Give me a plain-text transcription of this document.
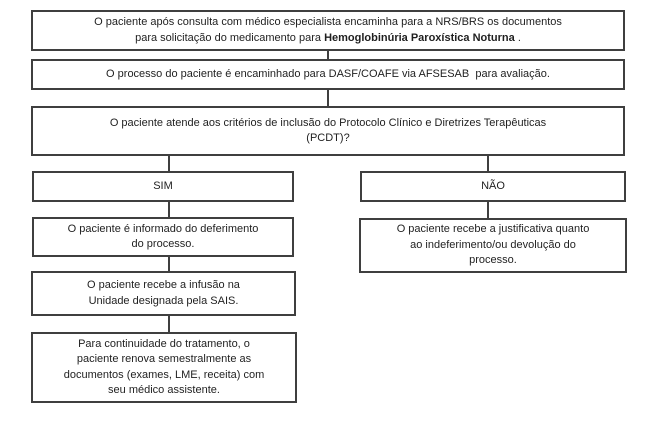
O paciente após consulta com médico especialista encaminha para a NRS/BRS os documentos
para solicitação do medicamento para Hemoglobinúria Paroxística Noturna .
O processo do paciente é encaminhado para DASF/COAFE via AFSESAB  para avaliação.
O paciente atende aos critérios de inclusão do Protocolo Clínico e Diretrizes Terapêuticas
(PCDT)?
SIM	NÃO
O paciente é informado do deferimento
do processo.
O paciente recebe a infusão na
Unidade designada pela SAIS.
Para continuidade do tratamento, o
paciente renova semestralmente as
documentos (exames, LME, receita) com
seu médico assistente.
O paciente recebe a justificativa quanto
ao indeferimento/ou devolução do
processo.
